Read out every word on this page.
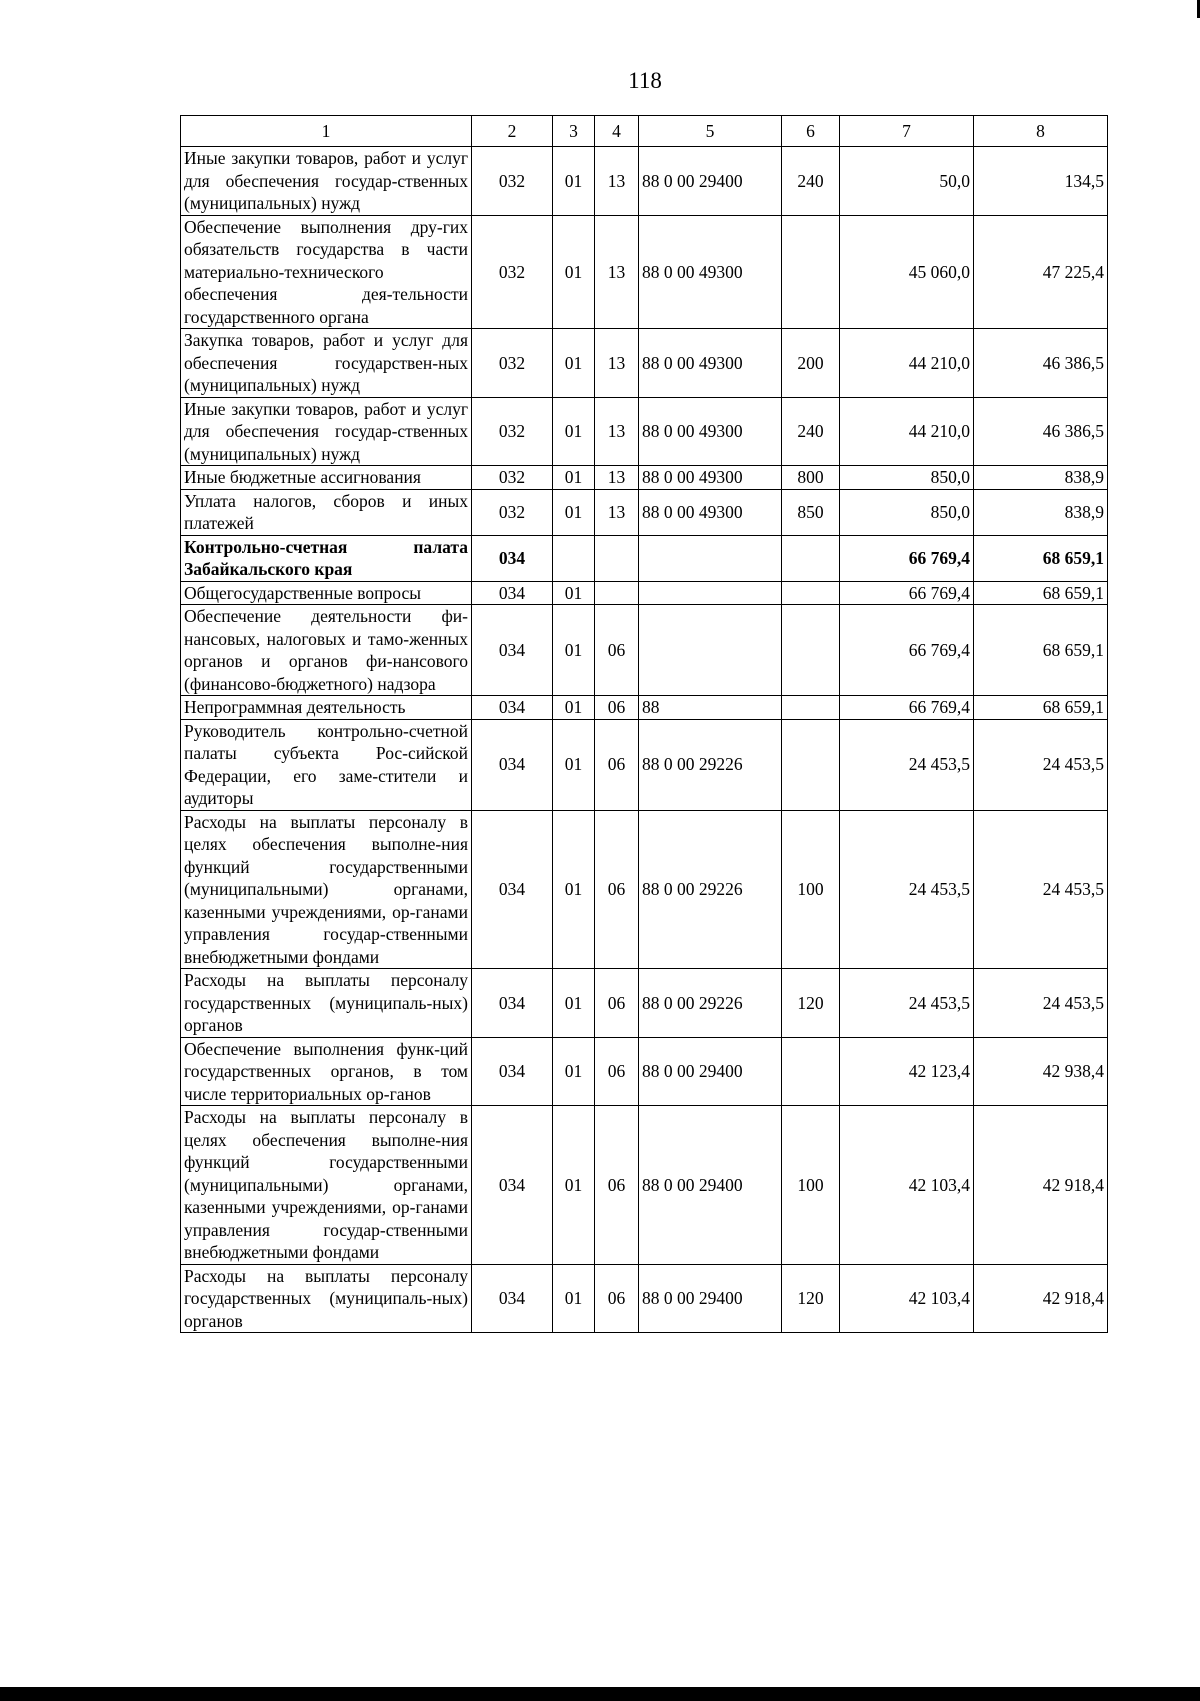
118
1	2	3	4	5	6	7	8
Иные закупки товаров, работ и услуг для обеспечения государ-ственных (муниципальных) нужд	032	01	13	88 0 00 29400	240	50,0	134,5
Обеспечение выполнения дру-гих обязательств государства в части материально-технического обеспечения дея-тельности государственного органа	032	01	13	88 0 00 49300		45 060,0	47 225,4
Закупка товаров, работ и услуг для обеспечения государствен-ных (муниципальных) нужд	032	01	13	88 0 00 49300	200	44 210,0	46 386,5
Иные закупки товаров, работ и услуг для обеспечения государ-ственных (муниципальных) нужд	032	01	13	88 0 00 49300	240	44 210,0	46 386,5
Иные бюджетные ассигнования	032	01	13	88 0 00 49300	800	850,0	838,9
Уплата налогов, сборов и иных платежей	032	01	13	88 0 00 49300	850	850,0	838,9
Контрольно-счетная палата Забайкальского края	034					66 769,4	68 659,1
Общегосударственные вопросы	034	01				66 769,4	68 659,1
Обеспечение деятельности фи-нансовых, налоговых и тамо-женных органов и органов фи-нансового (финансово-бюджетного) надзора	034	01	06			66 769,4	68 659,1
Непрограммная деятельность	034	01	06	88		66 769,4	68 659,1
Руководитель контрольно-счетной палаты субъекта Рос-сийской Федерации, его заме-стители и аудиторы	034	01	06	88 0 00 29226		24 453,5	24 453,5
Расходы на выплаты персоналу в целях обеспечения выполне-ния функций государственными (муниципальными) органами, казенными учреждениями, ор-ганами управления государ-ственными внебюджетными фондами	034	01	06	88 0 00 29226	100	24 453,5	24 453,5
Расходы на выплаты персоналу государственных (муниципаль-ных) органов	034	01	06	88 0 00 29226	120	24 453,5	24 453,5
Обеспечение выполнения функ-ций государственных органов, в том числе территориальных ор-ганов	034	01	06	88 0 00 29400		42 123,4	42 938,4
Расходы на выплаты персоналу в целях обеспечения выполне-ния функций государственными (муниципальными) органами, казенными учреждениями, ор-ганами управления государ-ственными внебюджетными фондами	034	01	06	88 0 00 29400	100	42 103,4	42 918,4
Расходы на выплаты персоналу государственных (муниципаль-ных) органов	034	01	06	88 0 00 29400	120	42 103,4	42 918,4
